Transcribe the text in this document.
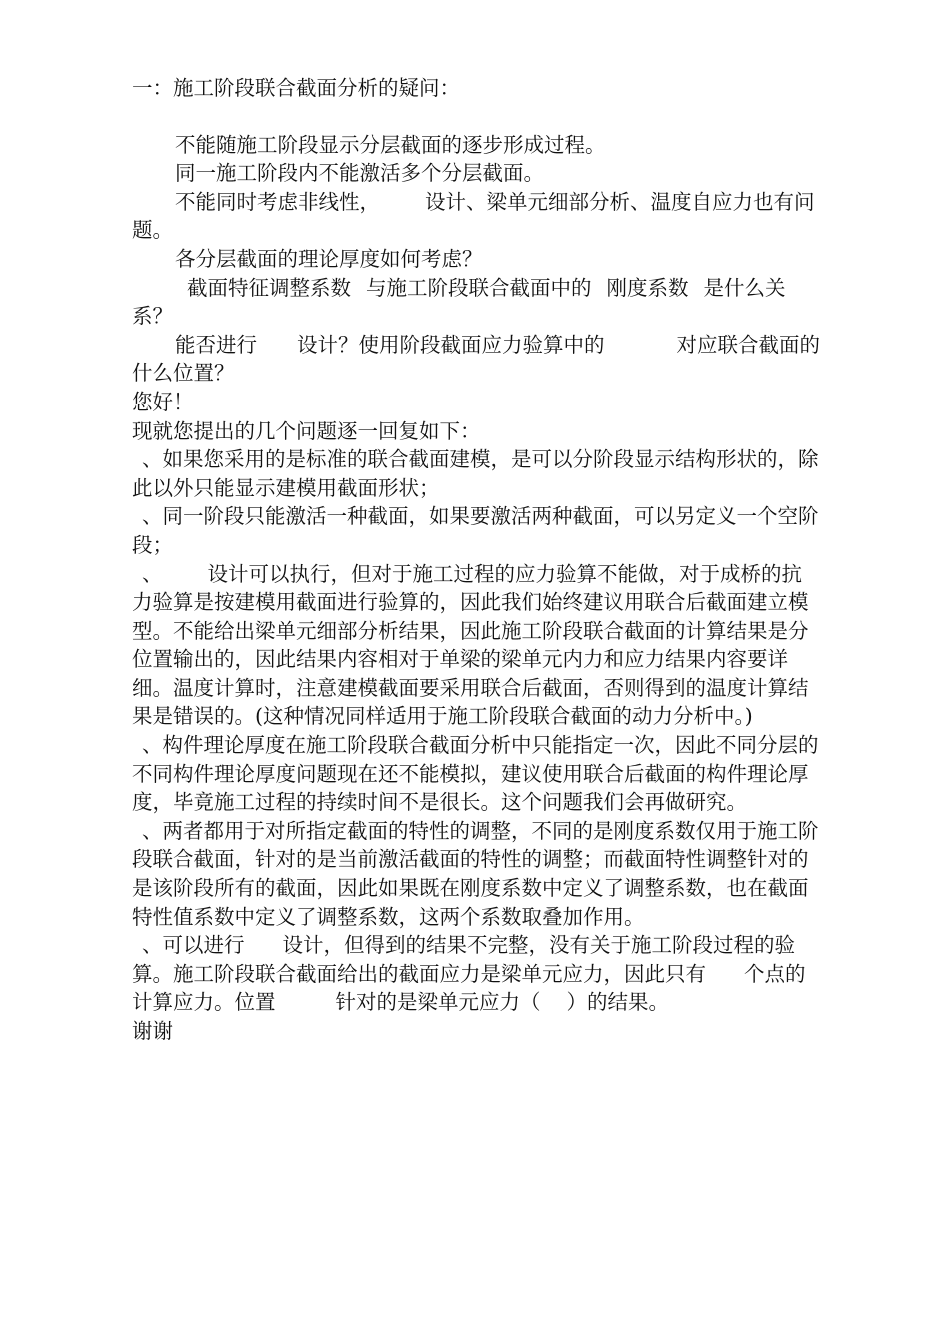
一：施工阶段联合截面分析的疑问：

不能随施工阶段显示分层截面的逐步形成过程。

同一施工阶段内不能激活多个分层截面。

不能同时考虑非线性， 设计、梁单元细部分析、温度自应力也有问题。

各分层截面的理论厚度如何考虑？

截面特征调整系数 与施工阶段联合截面中的 刚度系数 是什么关系？

能否进行 设计？使用阶段截面应力验算中的	对应联合截面的什么位置？

您好！

现就您提出的几个问题逐一回复如下：

、如果您采用的是标准的联合截面建模，是可以分阶段显示结构形状的，除此以外只能显示建模用截面形状；

、同一阶段只能激活一种截面，如果要激活两种截面，可以另定义一个空阶段；

、 设计可以执行，但对于施工过程的应力验算不能做，对于成桥的抗力验算是按建模用截面进行验算的，因此我们始终建议用联合后截面建立模型。不能给出梁单元细部分析结果，因此施工阶段联合截面的计算结果是分位置输出的，因此结果内容相对于单梁的梁单元内力和应力结果内容要详细。温度计算时，注意建模截面要采用联合后截面，否则得到的温度计算结果是错误的。(这种情况同样适用于施工阶段联合截面的动力分析中。)

、构件理论厚度在施工阶段联合截面分析中只能指定一次，因此不同分层的不同构件理论厚度问题现在还不能模拟，建议使用联合后截面的构件理论厚度，毕竟施工过程的持续时间不是很长。这个问题我们会再做研究。

、两者都用于对所指定截面的特性的调整，不同的是刚度系数仅用于施工阶段联合截面，针对的是当前激活截面的特性的调整；而截面特性调整针对的是该阶段所有的截面，因此如果既在刚度系数中定义了调整系数，也在截面特性值系数中定义了调整系数，这两个系数取叠加作用。

、可以进行 设计，但得到的结果不完整，没有关于施工阶段过程的验算。施工阶段联合截面给出的截面应力是梁单元应力，因此只有 个点的计算应力。位置	针对的是梁单元应力（ ）的结果。

谢谢
